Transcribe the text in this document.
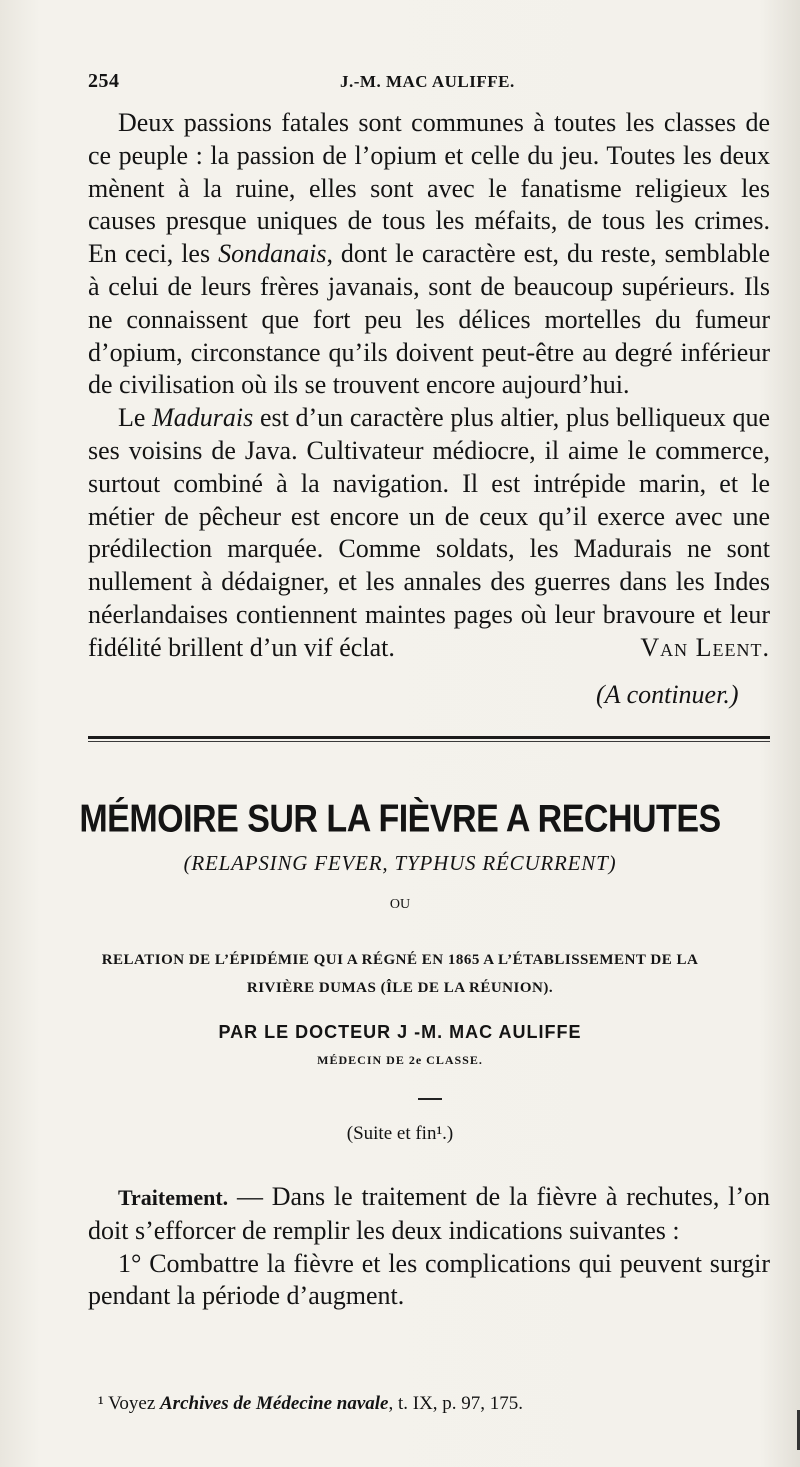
254	J.-M. MAC AULIFFE.

Deux passions fatales sont communes à toutes les classes de ce peuple : la passion de l’opium et celle du jeu. Toutes les deux mènent à la ruine, elles sont avec le fanatisme religieux les causes presque uniques de tous les méfaits, de tous les crimes. En ceci, les Sondanais, dont le caractère est, du reste, semblable à celui de leurs frères javanais, sont de beaucoup supérieurs. Ils ne connaissent que fort peu les délices mortelles du fumeur d’opium, circonstance qu’ils doivent peut-être au degré inférieur de civilisation où ils se trouvent encore aujourd’hui.

Le Madurais est d’un caractère plus altier, plus belliqueux que ses voisins de Java. Cultivateur médiocre, il aime le commerce, surtout combiné à la navigation. Il est intrépide marin, et le métier de pêcheur est encore un de ceux qu’il exerce avec une prédilection marquée. Comme soldats, les Madurais ne sont nullement à dédaigner, et les annales des guerres dans les Indes néerlandaises contiennent maintes pages où leur bravoure et leur fidélité brillent d’un vif éclat.	Van Leent.

(A continuer.)
MÉMOIRE SUR LA FIÈVRE A RECHUTES
(RELAPSING FEVER, TYPHUS RÉCURRENT)
OU
RELATION DE L’ÉPIDÉMIE QUI A RÉGNÉ EN 1865 A L’ÉTABLISSEMENT DE LA
RIVIÈRE DUMAS (ÎLE DE LA RÉUNION).
PAR LE DOCTEUR J -M. MAC AULIFFE
MÉDECIN DE 2e CLASSE.
(Suite et fin¹.)

Traitement. — Dans le traitement de la fièvre à rechutes, l’on doit s’efforcer de remplir les deux indications suivantes :

1° Combattre la fièvre et les complications qui peuvent surgir pendant la période d’augment.

¹ Voyez Archives de Médecine navale, t. IX, p. 97, 175.
